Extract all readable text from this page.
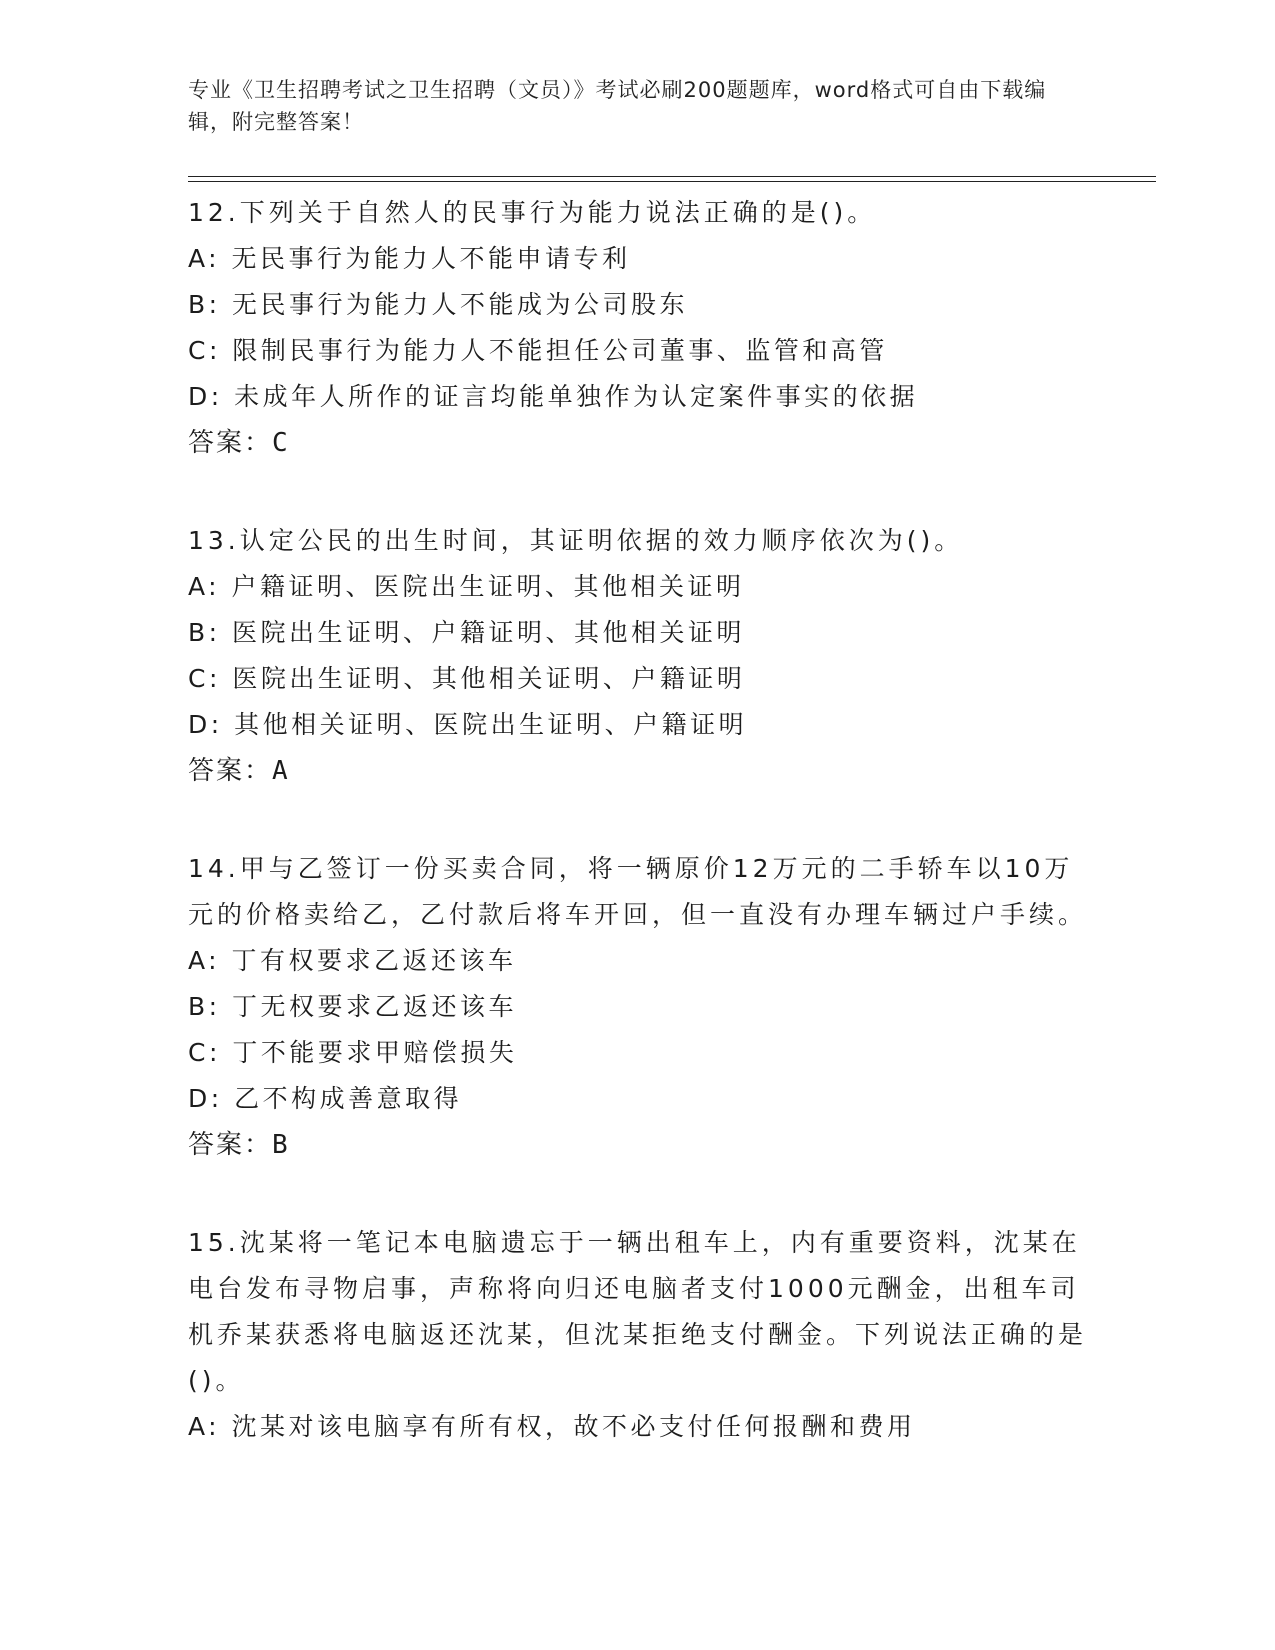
专业《卫生招聘考试之卫生招聘（文员）》考试必刷200题题库，word格式可自由下载编辑，附完整答案！
12.下列关于自然人的民事行为能力说法正确的是()。
A: 无民事行为能力人不能申请专利
B: 无民事行为能力人不能成为公司股东
C: 限制民事行为能力人不能担任公司董事、监管和高管
D: 未成年人所作的证言均能单独作为认定案件事实的依据
答案：C
13.认定公民的出生时间，其证明依据的效力顺序依次为()。
A: 户籍证明、医院出生证明、其他相关证明
B: 医院出生证明、户籍证明、其他相关证明
C: 医院出生证明、其他相关证明、户籍证明
D: 其他相关证明、医院出生证明、户籍证明
答案：A
14.甲与乙签订一份买卖合同，将一辆原价12万元的二手轿车以10万元的价格卖给乙，乙付款后将车开回，但一直没有办理车辆过户手续。
A: 丁有权要求乙返还该车
B: 丁无权要求乙返还该车
C: 丁不能要求甲赔偿损失
D: 乙不构成善意取得
答案：B
15.沈某将一笔记本电脑遗忘于一辆出租车上，内有重要资料，沈某在电台发布寻物启事，声称将向归还电脑者支付1000元酬金，出租车司机乔某获悉将电脑返还沈某，但沈某拒绝支付酬金。下列说法正确的是()。
A: 沈某对该电脑享有所有权，故不必支付任何报酬和费用
